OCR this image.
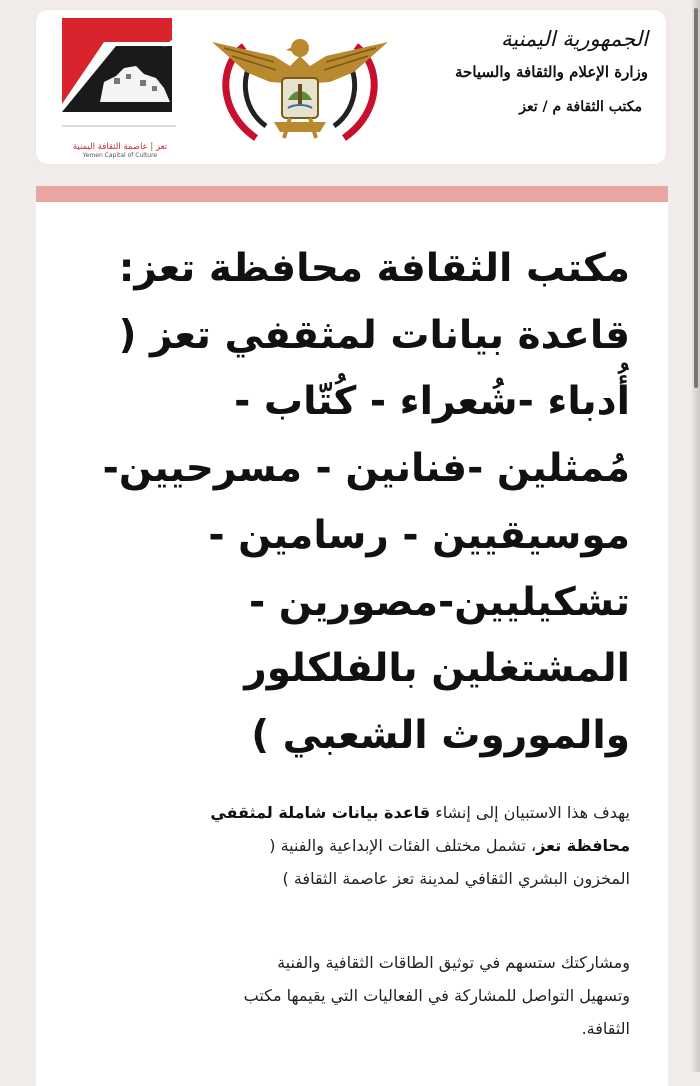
تعز
تعز | عاصمة الثقافة اليمنية
Yemen Capital of Culture
الجمهورية اليمنية
وزارة الإعلام والثقافة والسياحة
مكتب الثقافة م / تعز
مكتب الثقافة محافظة تعز:
قاعدة بيانات لمثقفي تعز (
أُدباء -شُعراء - كُتّاب -
مُمثلين -فنانين - مسرحيين-
موسيقيين - رسامين -
تشكيليين-مصورين -
المشتغلين بالفلكلور
والموروث الشعبي )

يهدف هذا الاستبيان إلى إنشاء قاعدة بيانات شاملة لمثقفي
محافظة تعز، تشمل مختلف الفئات الإبداعية والفنية (
المخزون البشري الثقافي لمدينة تعز عاصمة الثقافة )

ومشاركتك ستسهم في توثيق الطاقات الثقافية والفنية
وتسهيل التواصل للمشاركة في الفعاليات التي يقيمها مكتب
الثقافة.
